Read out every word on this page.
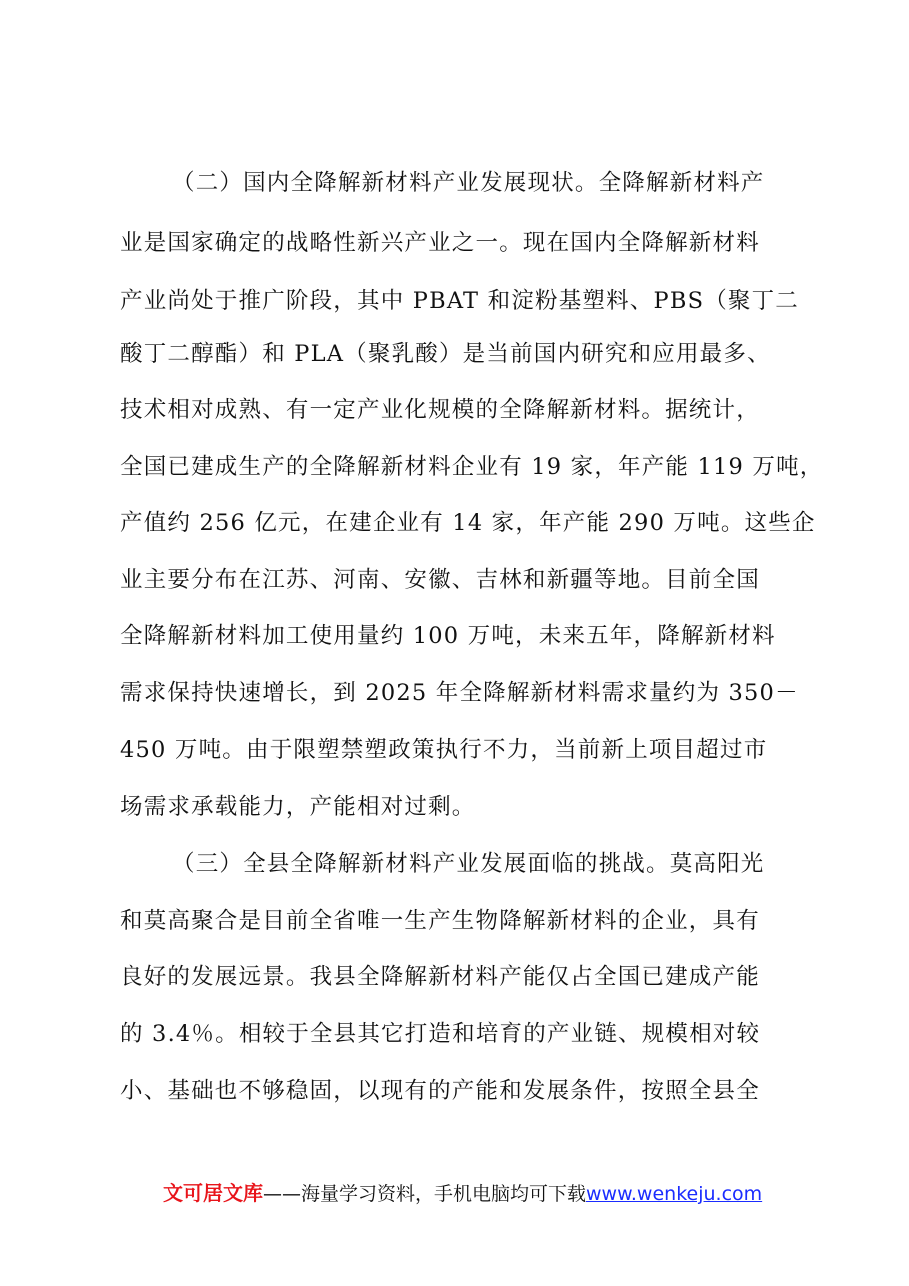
（二）国内全降解新材料产业发展现状。全降解新材料产
业是国家确定的战略性新兴产业之一。现在国内全降解新材料
产业尚处于推广阶段，其中 PBAT 和淀粉基塑料、PBS（聚丁二
酸丁二醇酯）和 PLA（聚乳酸）是当前国内研究和应用最多、
技术相对成熟、有一定产业化规模的全降解新材料。据统计，
全国已建成生产的全降解新材料企业有 19 家，年产能 119 万吨，
产值约 256 亿元，在建企业有 14 家，年产能 290 万吨。这些企
业主要分布在江苏、河南、安徽、吉林和新疆等地。目前全国
全降解新材料加工使用量约 100 万吨，未来五年，降解新材料
需求保持快速增长，到 2025 年全降解新材料需求量约为 350－
450 万吨。由于限塑禁塑政策执行不力，当前新上项目超过市
场需求承载能力，产能相对过剩。
（三）全县全降解新材料产业发展面临的挑战。莫高阳光
和莫高聚合是目前全省唯一生产生物降解新材料的企业，具有
良好的发展远景。我县全降解新材料产能仅占全国已建成产能
的 3.4％。相较于全县其它打造和培育的产业链、规模相对较
小、基础也不够稳固，以现有的产能和发展条件，按照全县全
文可居文库——海量学习资料，手机电脑均可下载www.wenkeju.com
